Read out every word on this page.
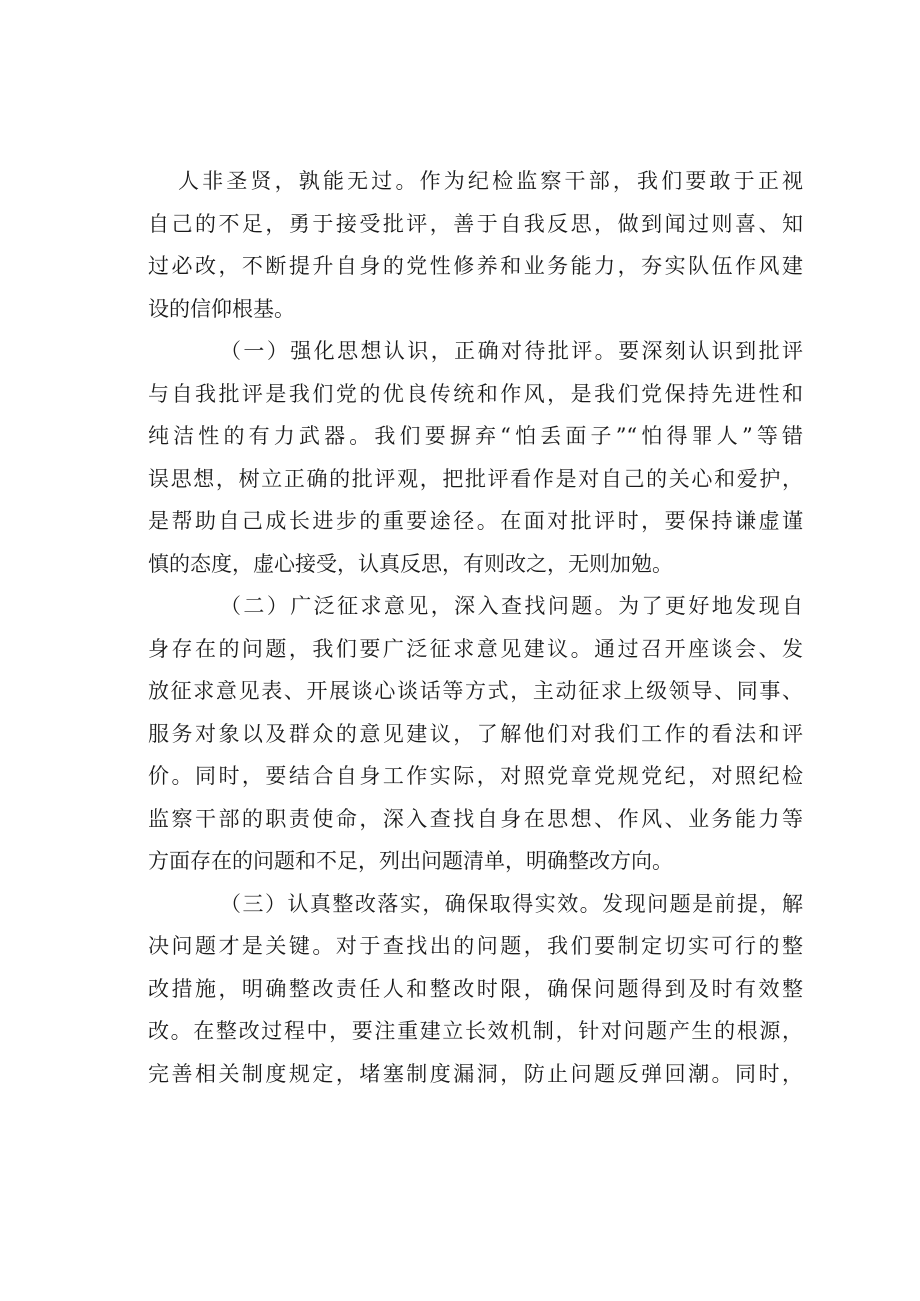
人非圣贤，孰能无过。作为纪检监察干部，我们要敢于正视
自己的不足，勇于接受批评，善于自我反思，做到闻过则喜、知
过必改，不断提升自身的党性修养和业务能力，夯实队伍作风建
设的信仰根基。

（一）强化思想认识，正确对待批评。要深刻认识到批评
与自我批评是我们党的优良传统和作风，是我们党保持先进性和
纯洁性的有力武器。我们要摒弃“怕丢面子”“怕得罪人”等错
误思想，树立正确的批评观，把批评看作是对自己的关心和爱护，
是帮助自己成长进步的重要途径。在面对批评时，要保持谦虚谨
慎的态度，虚心接受，认真反思，有则改之，无则加勉。

（二）广泛征求意见，深入查找问题。为了更好地发现自
身存在的问题，我们要广泛征求意见建议。通过召开座谈会、发
放征求意见表、开展谈心谈话等方式，主动征求上级领导、同事、
服务对象以及群众的意见建议，了解他们对我们工作的看法和评
价。同时，要结合自身工作实际，对照党章党规党纪，对照纪检
监察干部的职责使命，深入查找自身在思想、作风、业务能力等
方面存在的问题和不足，列出问题清单，明确整改方向。

（三）认真整改落实，确保取得实效。发现问题是前提，解
决问题才是关键。对于查找出的问题，我们要制定切实可行的整
改措施，明确整改责任人和整改时限，确保问题得到及时有效整
改。在整改过程中，要注重建立长效机制，针对问题产生的根源，
完善相关制度规定，堵塞制度漏洞，防止问题反弹回潮。同时，
